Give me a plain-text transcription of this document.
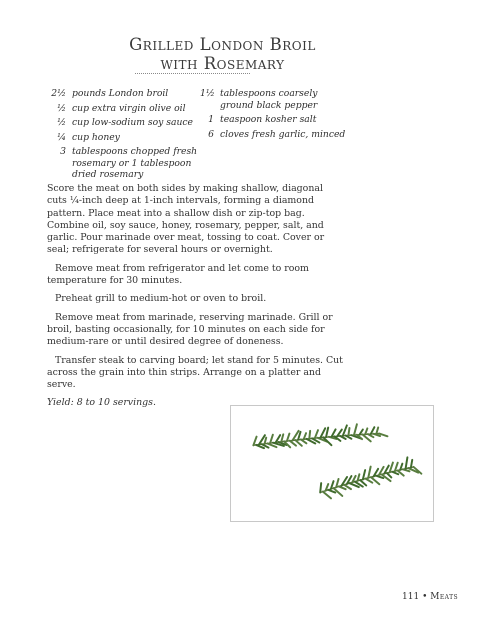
Grilled London Broil
with Rosemary
2½ pounds London broil
½ cup extra virgin olive oil
½ cup low-sodium soy sauce
¼ cup honey
3 tablespoons chopped fresh rosemary or 1 tablespoon dried rosemary
1½ tablespoons coarsely ground black pepper
1 teaspoon kosher salt
6 cloves fresh garlic, minced

Score the meat on both sides by making shallow, diagonal cuts ¼-inch deep at 1-inch intervals, forming a diamond pattern. Place meat into a shallow dish or zip-top bag. Combine oil, soy sauce, honey, rosemary, pepper, salt, and garlic. Pour marinade over meat, tossing to coat. Cover or seal; refrigerate for several hours or overnight.

Remove meat from refrigerator and let come to room temperature for 30 minutes.

Preheat grill to medium-hot or oven to broil.

Remove meat from marinade, reserving marinade. Grill or broil, basting occasionally, for 10 minutes on each side for medium-rare or until desired degree of doneness.

Transfer steak to carving board; let stand for 5 minutes. Cut across the grain into thin strips. Arrange on a platter and serve.

Yield: 8 to 10 servings.

111 • Meats
